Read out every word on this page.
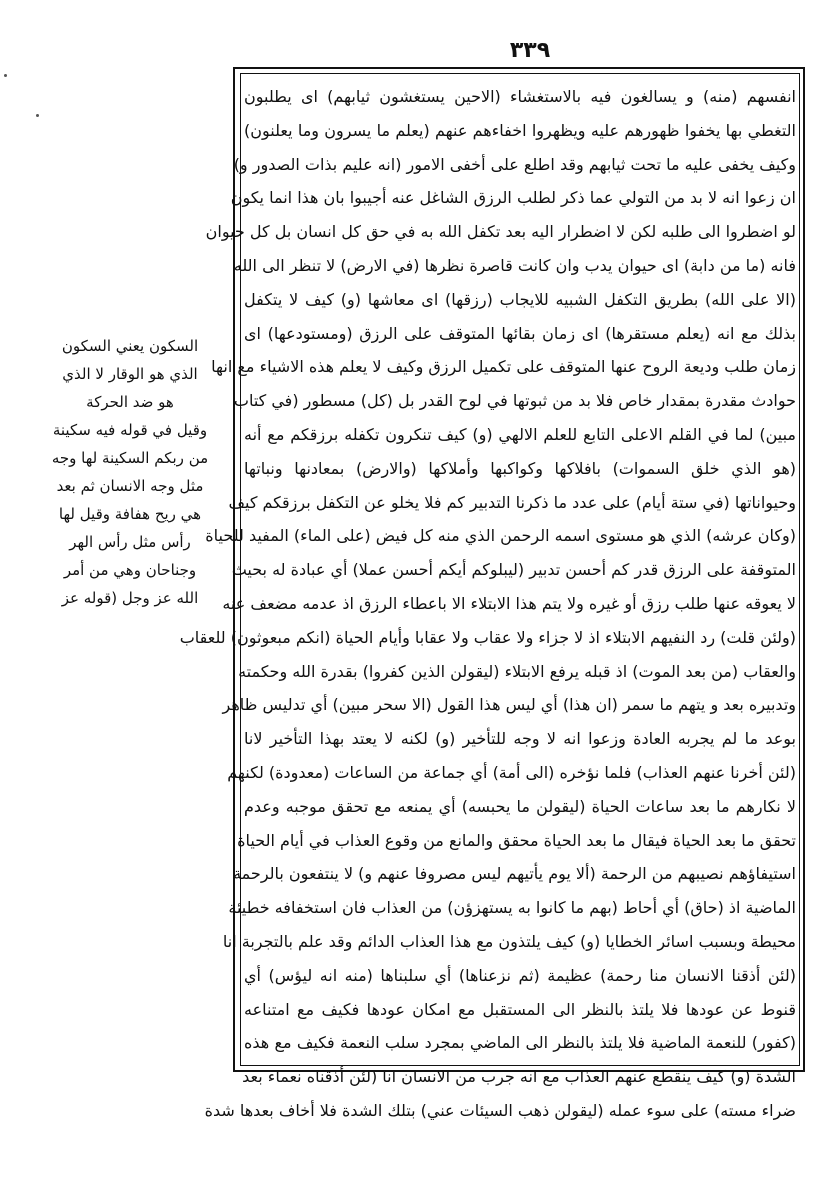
٣٣٩
انفسهم (منه) و يسالغون فيه بالاستغشاء (الاحين يستغشون ثيابهم) اى يطلبون
التغطي بها يخفوا ظهورهم عليه ويظهروا اخفاءهم عنهم (يعلم ما يسرون وما يعلنون)
وكيف يخفى عليه ما تحت ثيابهم وقد اطلع على أخفى الامور (انه عليم بذات الصدور و)
ان زعوا انه لا بد من التولي عما ذكر لطلب الرزق الشاغل عنه أجيبوا بان هذا انما يكون
لو اضطروا الى طلبه لكن لا اضطرار اليه بعد تكفل الله به في حق كل انسان بل كل حيوان
فانه (ما من دابة) اى حيوان يدب وان كانت قاصرة نظرها (في الارض) لا تنظر الى الله
(الا على الله) بطريق التكفل الشبيه للايجاب (رزقها) اى معاشها (و) كيف لا يتكفل
بذلك مع انه (يعلم مستقرها) اى زمان بقائها المتوقف على الرزق (ومستودعها) اى
زمان طلب وديعة الروح عنها المتوقف على تكميل الرزق وكيف لا يعلم هذه الاشياء مع انها
حوادث مقدرة بمقدار خاص فلا بد من ثبوتها في لوح القدر بل (كل) مسطور (في كتاب
مبين) لما في القلم الاعلى التابع للعلم الالهي (و) كيف تنكرون تكفله برزقكم مع أنه
(هو الذي خلق السموات) بافلاكها وكواكبها وأملاكها (والارض) بمعادنها ونباتها
وحيواناتها (في ستة أيام) على عدد ما ذكرنا التدبير كم فلا يخلو عن التكفل برزقكم كيف
(وكان عرشه) الذي هو مستوى اسمه الرحمن الذي منه كل فيض (على الماء) المفيد للحياة
المتوقفة على الرزق قدر كم أحسن تدبير (ليبلوكم أيكم أحسن عملا) أي عبادة له بحيث
لا يعوقه عنها طلب رزق أو غيره ولا يتم هذا الابتلاء الا باعطاء الرزق اذ عدمه مضعف عنه
(ولئن قلت) رد النفيهم الابتلاء اذ لا جزاء ولا عقاب ولا عقابا وأيام الحياة (انكم مبعوثون) للعقاب
والعقاب (من بعد الموت) اذ قبله يرفع الابتلاء (ليقولن الذين كفروا) بقدرة الله وحكمته
وتدبيره بعد و يتهم ما سمر (ان هذا) أي ليس هذا القول (الا سحر مبين) أي تدليس ظاهر
بوعد ما لم يجربه العادة وزعوا انه لا وجه للتأخير (و) لكنه لا يعتد بهذا التأخير لانا
(لئن أخرنا عنهم العذاب) فلما نؤخره (الى أمة) أي جماعة من الساعات (معدودة) لكنهم
لا نكارهم ما بعد ساعات الحياة (ليقولن ما يحبسه) أي يمنعه مع تحقق موجبه وعدم
تحقق ما بعد الحياة فيقال ما بعد الحياة محقق والمانع من وقوع العذاب في أيام الحياة
استيفاؤهم نصيبهم من الرحمة (ألا يوم يأتيهم ليس مصروفا عنهم و) لا ينتفعون بالرحمة
الماضية اذ (حاق) أي أحاط (بهم ما كانوا به يستهزؤن) من العذاب فان استخفافه خطيئة
محيطة وبسبب اسائر الخطايا (و) كيف يلتذون مع هذا العذاب الدائم وقد علم بالتجربة انا
(لئن أذقنا الانسان منا رحمة) عظيمة (ثم نزعناها) أي سلبناها (منه انه ليؤس) أي
قنوط عن عودها فلا يلتذ بالنظر الى المستقبل مع امكان عودها فكيف مع امتناعه
(كفور) للنعمة الماضية فلا يلتذ بالنظر الى الماضي بمجرد سلب النعمة فكيف مع هذه
الشدة (و) كيف ينقطع عنهم العذاب مع انه جرب من الانسان انا (لئن أذقناه نعماء بعد
ضراء مسته) على سوء عمله (ليقولن ذهب السيئات عني) بتلك الشدة فلا أخاف بعدها شدة
السكون يعني السكون
الذي هو الوقار لا الذي
هو ضد الحركة
وقيل في قوله فيه سكينة
من ربكم السكينة لها وجه
مثل وجه الانسان ثم بعد
هي ريح هفافة وقيل لها
رأس مثل رأس الهر
وجناحان وهي من أمر
الله عز وجل (قوله عز
